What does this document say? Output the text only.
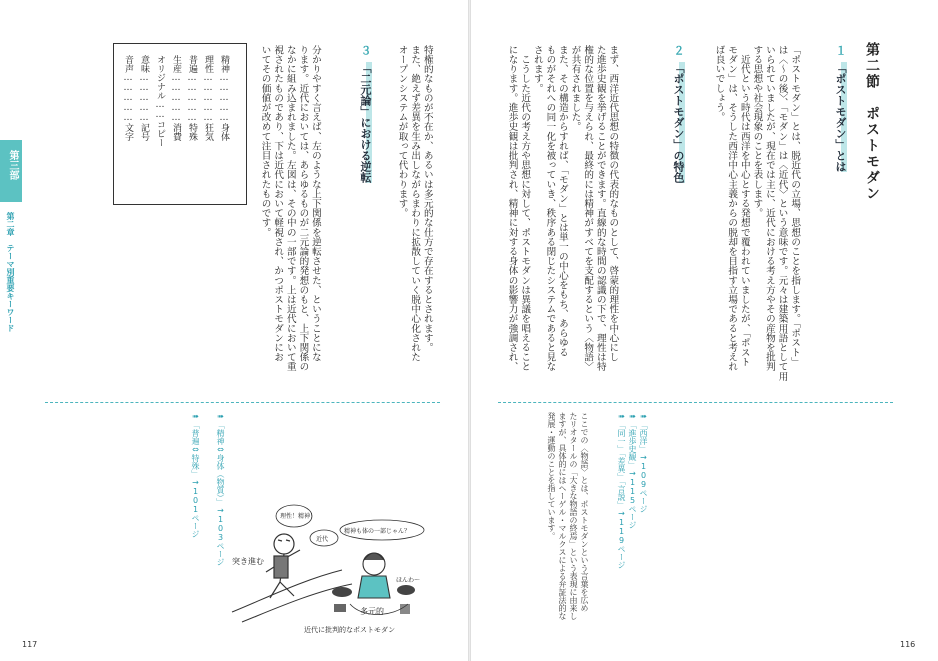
第三部
第二章　テーマ別重要キーワード	特権的なものが不在か、あるいは多元的な仕方で存在するとされます。
また、絶えず差異を生み出しながらまわりに拡散していく脱中心化された
オープンシステムが取って代わります。
３「二元論」における逆転
分かりやすく言えば、左のような上下関係を逆転させた、ということにな
ります。近代においては、あらゆるものが二元論的発想のもと、上下関係の
なかに組み込まれました。左図は、その中の一部です。上は近代において重
視されたものであり、下は近代において軽視され、かつポストモダンにお
いてその価値が改めて注目されたものです。
精神……………身体
理性……………狂気
普遍……………特殊
生産……………消費
オリジナル……コピー
意味……………記号
音声……………文字
➠「精神⇔身体（物質）」→103ページ
➠「普遍⇔特殊」→101ページ	理性！精神！
近代
精神も体の一部じゃん？
突き進む
多元的
ほんわ〜
近代に批判的なポストモダン
117
第二節　ポストモダン
１「ポストモダン」とは
「ポストモダン」とは、脱近代の立場、思想のことを指します。「ポスト」
は〈〜の後〉、「モダン」は〈近代〉という意味です。元々は建築用語として用
いられていましたが、現在では主に、近代における考え方やその産物を批判
する思想や社会現象のことを表します。
　近代という時代は西洋を中心とする発想で覆われていましたが、「ポスト
モダン」は、そうした西洋中心主義からの脱却を目指す立場であると考えれ
ば良いでしょう。
２「ポストモダン」の特色
まず、西洋近代思想の特徴の代表的なものとして、啓蒙的理性を中心にし
た進歩史観を挙げることができます。直線的な時間の認識の下で、理性は特
権的な位置を与えられ、最終的には精神がすべてを支配するという〈物語〉
が共有されました。
また、その構造からすれば、「モダン」とは単一の中心をもち、あらゆる
ものがそれへの同一化を被っていき、秩序ある閉じたシステムであると見な
されます。
　こうした近代の考え方や思想に対して、ポストモダンは異議を唱えること
になります。進歩史観は批判され、精神に対する身体の影響力が強調され、
➠「西洋」→109ページ
➠「進歩史観」→115ページ
➠「同一」「差異」「言説」→119ページ
ここでの〈物語〉とは、ポストモダンという言葉を広め
たリオタールの「大きな物語の終焉」という表現に由来し
ますが、具体的にはヘーゲル・マルクスによる弁証法的な
発展・運動のことを指しています。
116
